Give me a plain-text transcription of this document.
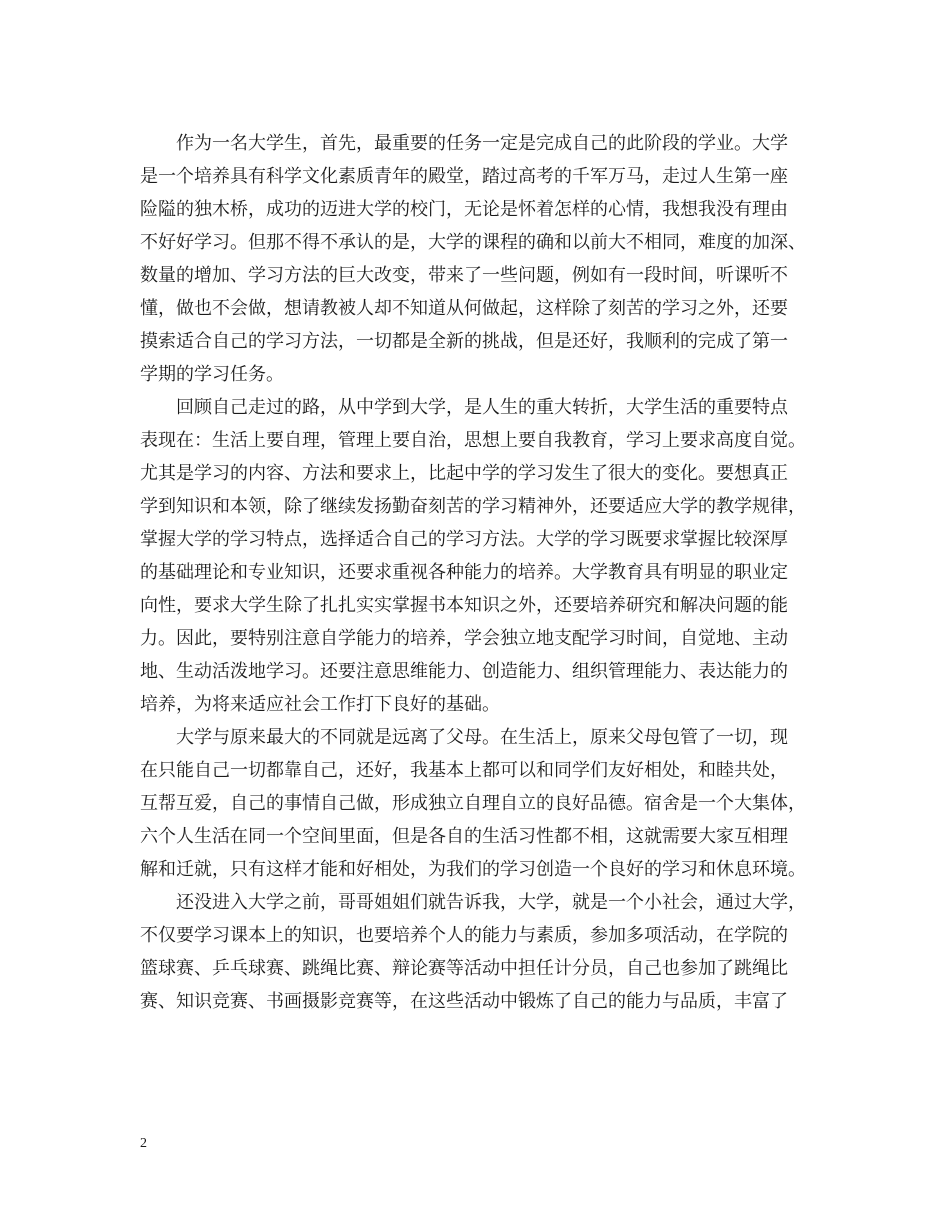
作为一名大学生，首先，最重要的任务一定是完成自己的此阶段的学业。大学

是一个培养具有科学文化素质青年的殿堂，踏过高考的千军万马，走过人生第一座

险隘的独木桥，成功的迈进大学的校门，无论是怀着怎样的心情，我想我没有理由

不好好学习。但那不得不承认的是，大学的课程的确和以前大不相同，难度的加深、

数量的增加、学习方法的巨大改变，带来了一些问题，例如有一段时间，听课听不

懂，做也不会做，想请教被人却不知道从何做起，这样除了刻苦的学习之外，还要

摸索适合自己的学习方法，一切都是全新的挑战，但是还好，我顺利的完成了第一

学期的学习任务。

回顾自己走过的路，从中学到大学，是人生的重大转折，大学生活的重要特点

表现在：生活上要自理，管理上要自治，思想上要自我教育，学习上要求高度自觉。

尤其是学习的内容、方法和要求上，比起中学的学习发生了很大的变化。要想真正

学到知识和本领，除了继续发扬勤奋刻苦的学习精神外，还要适应大学的教学规律，

掌握大学的学习特点，选择适合自己的学习方法。大学的学习既要求掌握比较深厚

的基础理论和专业知识，还要求重视各种能力的培养。大学教育具有明显的职业定

向性，要求大学生除了扎扎实实掌握书本知识之外，还要培养研究和解决问题的能

力。因此，要特别注意自学能力的培养，学会独立地支配学习时间，自觉地、主动

地、生动活泼地学习。还要注意思维能力、创造能力、组织管理能力、表达能力的

培养，为将来适应社会工作打下良好的基础。

大学与原来最大的不同就是远离了父母。在生活上，原来父母包管了一切，现

在只能自己一切都靠自己，还好，我基本上都可以和同学们友好相处，和睦共处，

互帮互爱，自己的事情自己做，形成独立自理自立的良好品德。宿舍是一个大集体，

六个人生活在同一个空间里面，但是各自的生活习性都不相，这就需要大家互相理

解和迁就，只有这样才能和好相处，为我们的学习创造一个良好的学习和休息环境。

还没进入大学之前，哥哥姐姐们就告诉我，大学，就是一个小社会，通过大学，

不仅要学习课本上的知识，也要培养个人的能力与素质，参加多项活动，在学院的

篮球赛、乒乓球赛、跳绳比赛、辩论赛等活动中担任计分员，自己也参加了跳绳比

赛、知识竞赛、书画摄影竞赛等，在这些活动中锻炼了自己的能力与品质，丰富了

2
